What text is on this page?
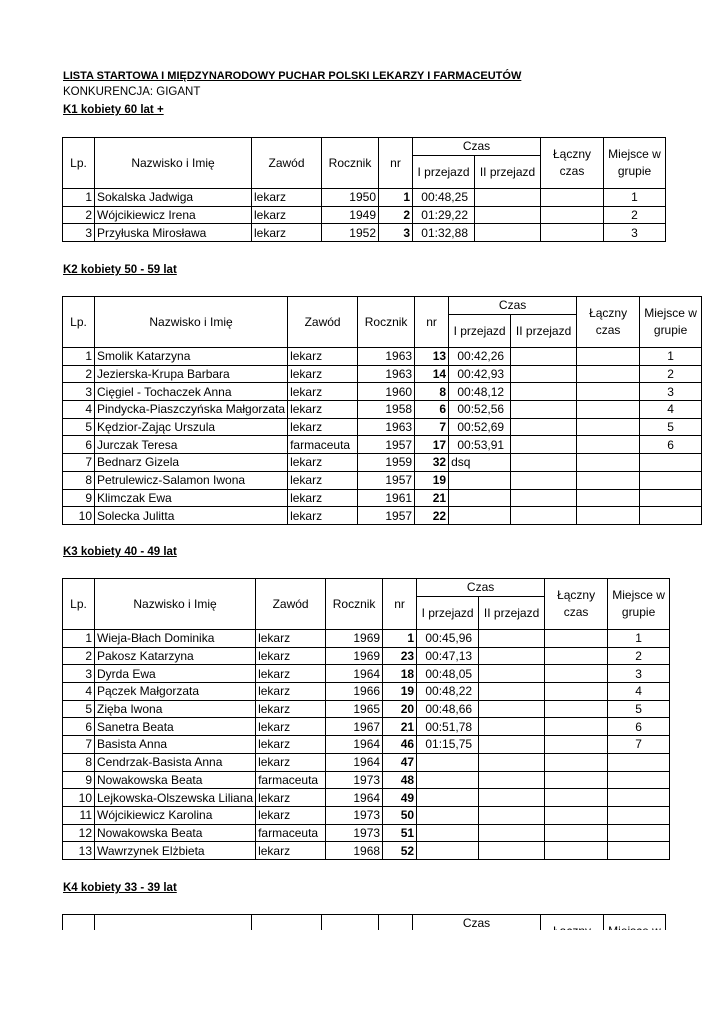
LISTA STARTOWA I MIĘDZYNARODOWY PUCHAR POLSKI LEKARZY I FARMACEUTÓW
KONKURENCJA: GIGANT
K1 kobiety 60 lat +
Lp.	Nazwisko i Imię	Zawód	Rocznik	nr	Czas		Łączny czas	Miejsce w grupie
					I przejazd	II przejazd		
1	Sokalska Jadwiga	lekarz	1950	1	00:48,25			1
2	Wójcikiewicz Irena	lekarz	1949	2	01:29,22			2
3	Przyłuska Mirosława	lekarz	1952	3	01:32,88			3
K2 kobiety 50 - 59 lat
Lp.	Nazwisko i Imię	Zawód	Rocznik	nr	Czas		Łączny czas	Miejsce w grupie
					I przejazd	II przejazd		
1	Smolik Katarzyna	lekarz	1963	13	00:42,26			1
2	Jezierska-Krupa Barbara	lekarz	1963	14	00:42,93			2
3	Cięgiel - Tochaczek Anna	lekarz	1960	8	00:48,12			3
4	Pindycka-Piaszczyńska Małgorzata	lekarz	1958	6	00:52,56			4
5	Kędzior-Zając Urszula	lekarz	1963	7	00:52,69			5
6	Jurczak Teresa	farmaceuta	1957	17	00:53,91			6
7	Bednarz Gizela	lekarz	1959	32	dsq			
8	Petrulewicz-Salamon Iwona	lekarz	1957	19				
9	Klimczak Ewa	lekarz	1961	21				
10	Solecka Julitta	lekarz	1957	22				
K3 kobiety 40 - 49 lat
Lp.	Nazwisko i Imię	Zawód	Rocznik	nr	Czas		Łączny czas	Miejsce w grupie
					I przejazd	II przejazd		
1	Wieja-Błach Dominika	lekarz	1969	1	00:45,96			1
2	Pakosz Katarzyna	lekarz	1969	23	00:47,13			2
3	Dyrda Ewa	lekarz	1964	18	00:48,05			3
4	Pączek Małgorzata	lekarz	1966	19	00:48,22			4
5	Zięba Iwona	lekarz	1965	20	00:48,66			5
6	Sanetra Beata	lekarz	1967	21	00:51,78			6
7	Basista Anna	lekarz	1964	46	01:15,75			7
8	Cendrzak-Basista Anna	lekarz	1964	47				
9	Nowakowska Beata	farmaceuta	1973	48				
10	Lejkowska-Olszewska Liliana	lekarz	1964	49				
11	Wójcikiewicz Karolina	lekarz	1973	50				
12	Nowakowska Beata	farmaceuta	1973	51				
13	Wawrzynek Elżbieta	lekarz	1968	52				
K4 kobiety 33 - 39 lat
					Czas		
